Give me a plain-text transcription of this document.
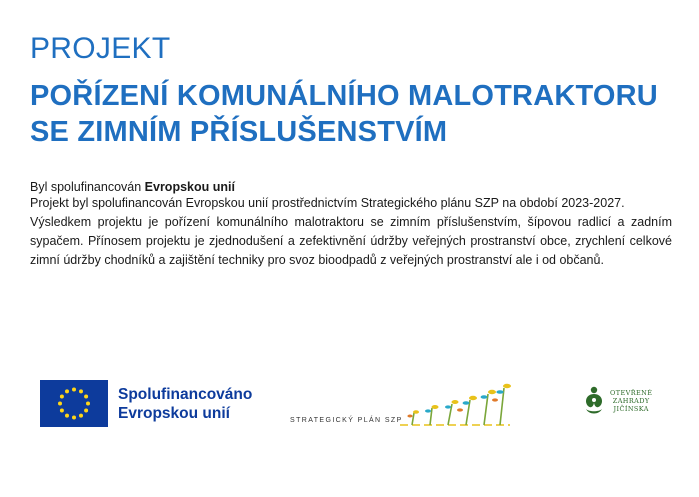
PROJEKT
POŘÍZENÍ KOMUNÁLNÍHO MALOTRAKTORU
SE ZIMNÍM PŘÍSLUŠENSTVÍM
Byl spolufinancován Evropskou unií

Projekt byl spolufinancován Evropskou unií prostřednictvím Strategického plánu SZP na období 2023-2027.

Výsledkem projektu je pořízení komunálního malotraktoru se zimním příslušenstvím, šípovou radlicí a zadním sypačem. Přínosem projektu je zjednodušení a zefektivnění údržby veřejných prostranství obce, zrychlení celkové zimní údržby chodníků a zajištění techniky pro svoz bioodpadů z veřejných prostranství ale i od občanů.

Spolufinancováno
Evropskou unií	STRATEGICKÝ PLÁN SZP
OTEVŘENÉ
ZAHRADY
JIČÍNSKA
